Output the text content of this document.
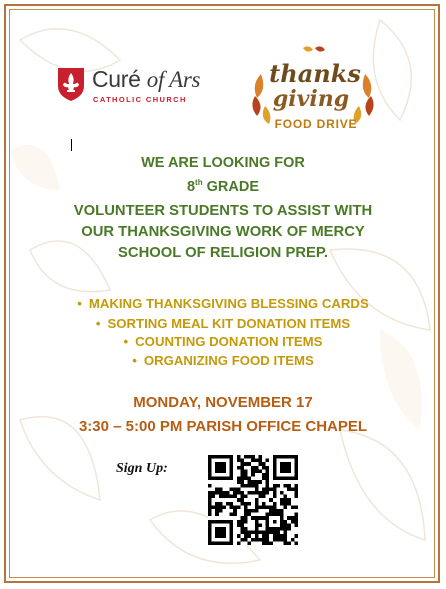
Curé of Ars
CATHOLIC CHURCH
thanks
giving
FOOD DRIVE
WE ARE LOOKING FOR
8th GRADE
VOLUNTEER STUDENTS TO ASSIST WITH
OUR THANKSGIVING WORK OF MERCY
SCHOOL OF RELIGION PREP.
• MAKING THANKSGIVING BLESSING CARDS
• SORTING MEAL KIT DONATION ITEMS
• COUNTING DONATION ITEMS
• ORGANIZING FOOD ITEMS
MONDAY, NOVEMBER 17
3:30 – 5:00 PM PARISH OFFICE CHAPEL
Sign Up:
